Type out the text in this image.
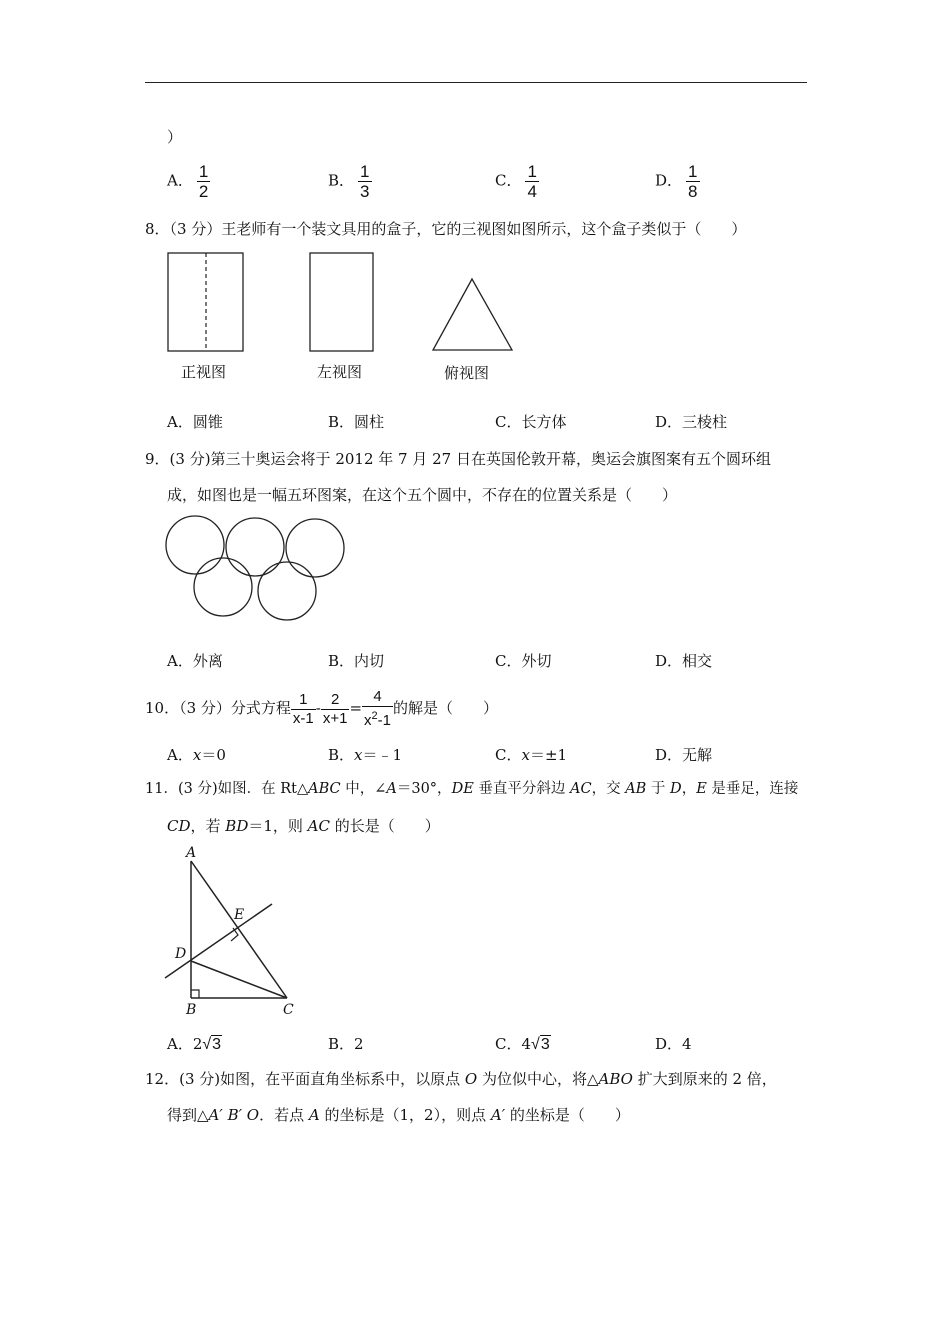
）
A． $\frac{1}{2}$	B． $\frac{1}{3}$	C． $\frac{1}{4}$	D． $\frac{1}{8}$
8．（3 分）王老师有一个装文具用的盒子，它的三视图如图所示，这个盒子类似于（　　）
正视图	左视图	俯视图
A．圆锥	B．圆柱	C．长方体	D．三棱柱
9．(3 分)第三十奥运会将于 2012 年 7 月 27 日在英国伦敦开幕，奥运会旗图案有五个圆环组
成，如图也是一幅五环图案，在这个五个圆中，不存在的位置关系是（　　）
A．外离	B．内切	C．外切	D．相交
10．（3 分）分式方程 $\frac{1}{x-1} - \frac{2}{x+1} = \frac{4}{x^2-1}$ 的解是（　　）
A．x＝0	B．x＝﹣1	C．x＝±1	D．无解
11．(3 分)如图．在 Rt△ABC 中，∠A＝30°，DE 垂直平分斜边 AC，交 AB 于 D，E 是垂足，连接
CD，若 BD＝1，则 AC 的长是（　　）
A
E
D
B	C
A．2√3	B．2	C．4√3	D．4
12．(3 分)如图，在平面直角坐标系中，以原点 O 为位似中心，将△ABO 扩大到原来的 2 倍，
得到△A′ B′ O．若点 A 的坐标是（1，2），则点 A′ 的坐标是（　　）
